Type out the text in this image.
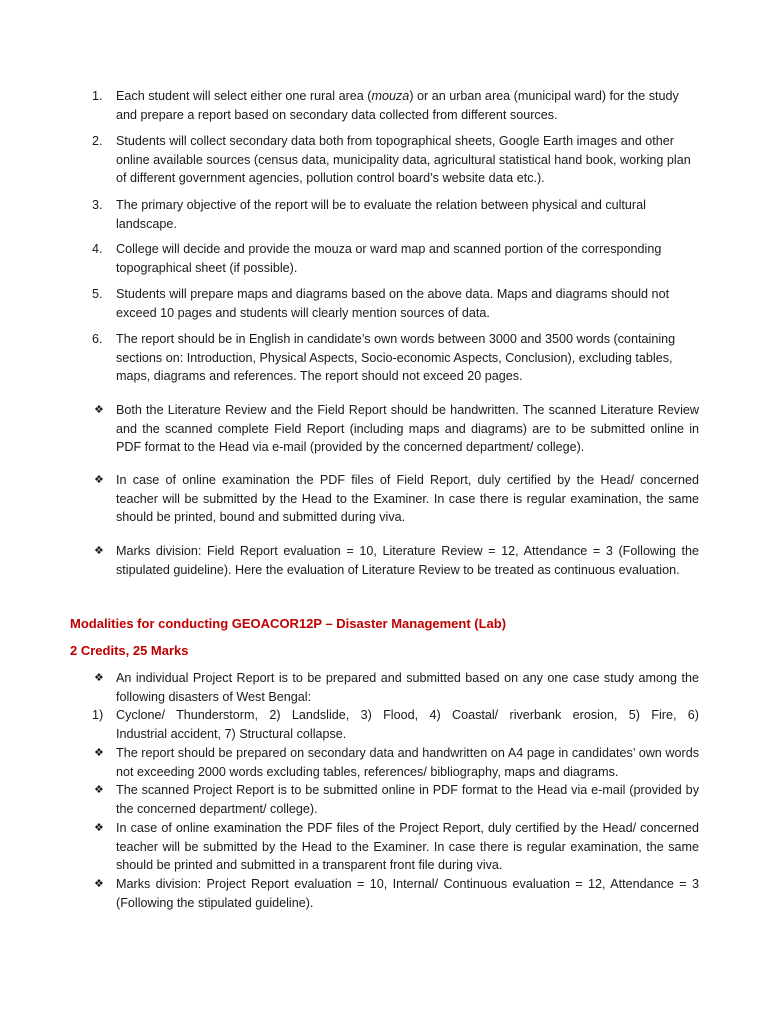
1. Each student will select either one rural area (mouza) or an urban area (municipal ward) for the study and prepare a report based on secondary data collected from different sources.
2. Students will collect secondary data both from topographical sheets, Google Earth images and other online available sources (census data, municipality data, agricultural statistical hand book, working plan of different government agencies, pollution control board’s website data etc.).
3. The primary objective of the report will be to evaluate the relation between physical and cultural landscape.
4. College will decide and provide the mouza or ward map and scanned portion of the corresponding topographical sheet (if possible).
5. Students will prepare maps and diagrams based on the above data. Maps and diagrams should not exceed 10 pages and students will clearly mention sources of data.
6. The report should be in English in candidate’s own words between 3000 and 3500 words (containing sections on: Introduction, Physical Aspects, Socio-economic Aspects, Conclusion), excluding tables, maps, diagrams and references. The report should not exceed 20 pages.
❖ Both the Literature Review and the Field Report should be handwritten. The scanned Literature Review and the scanned complete Field Report (including maps and diagrams) are to be submitted online in PDF format to the Head via e-mail (provided by the concerned department/ college).
❖ In case of online examination the PDF files of Field Report, duly certified by the Head/ concerned teacher will be submitted by the Head to the Examiner. In case there is regular examination, the same should be printed, bound and submitted during viva.
❖ Marks division: Field Report evaluation = 10, Literature Review = 12, Attendance = 3 (Following the stipulated guideline). Here the evaluation of Literature Review to be treated as continuous evaluation.
Modalities for conducting GEOACOR12P – Disaster Management (Lab)
2 Credits, 25 Marks
❖ An individual Project Report is to be prepared and submitted based on any one case study among the following disasters of West Bengal:
1) Cyclone/ Thunderstorm, 2) Landslide, 3) Flood, 4) Coastal/ riverbank erosion, 5) Fire, 6)
Industrial accident, 7) Structural collapse.
❖ The report should be prepared on secondary data and handwritten on A4 page in candidates’ own words not exceeding 2000 words excluding tables, references/ bibliography, maps and diagrams.
❖ The scanned Project Report is to be submitted online in PDF format to the Head via e-mail (provided by the concerned department/ college).
❖ In case of online examination the PDF files of the Project Report, duly certified by the Head/ concerned teacher will be submitted by the Head to the Examiner. In case there is regular examination, the same should be printed and submitted in a transparent front file during viva.
❖ Marks division: Project Report evaluation = 10, Internal/ Continuous evaluation = 12, Attendance = 3 (Following the stipulated guideline).
